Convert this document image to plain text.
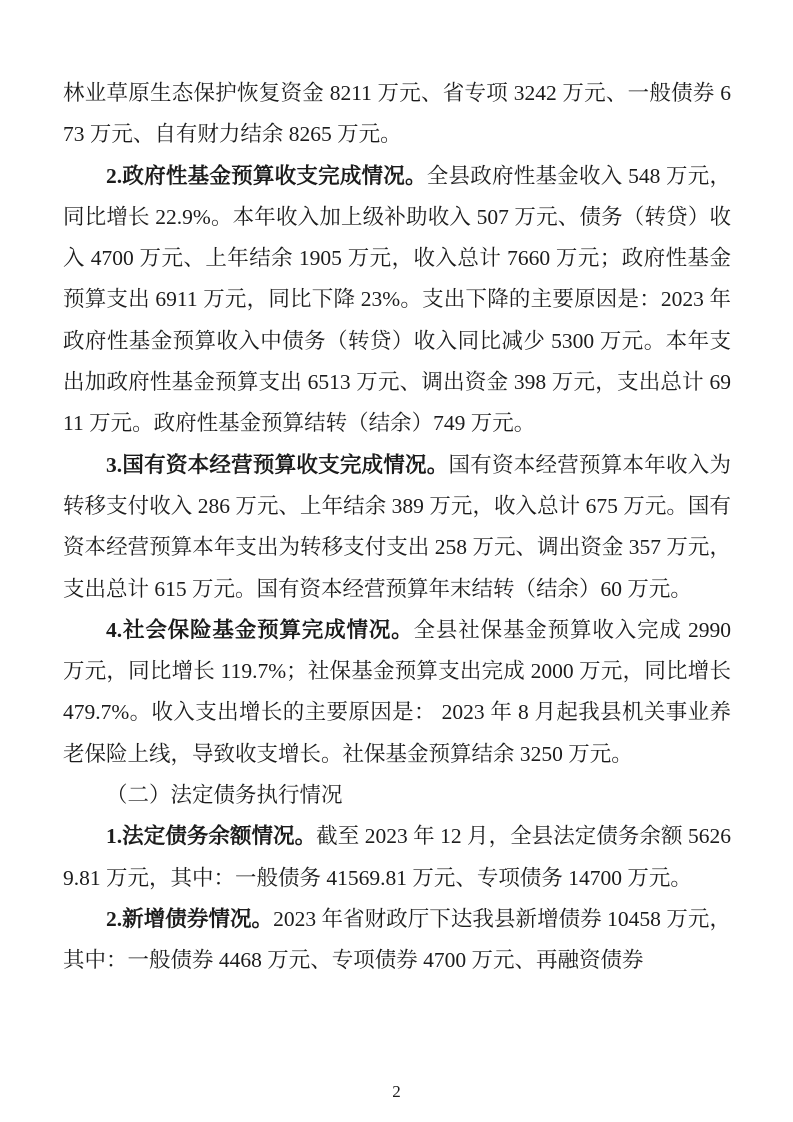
林业草原生态保护恢复资金 8211 万元、省专项 3242 万元、一般债券 673 万元、自有财力结余 8265 万元。

2.政府性基金预算收支完成情况。全县政府性基金收入 548 万元，同比增长 22.9%。本年收入加上级补助收入 507 万元、债务（转贷）收入 4700 万元、上年结余 1905 万元，收入总计 7660 万元；政府性基金预算支出 6911 万元，同比下降 23%。支出下降的主要原因是：2023 年政府性基金预算收入中债务（转贷）收入同比减少 5300 万元。本年支出加政府性基金预算支出 6513 万元、调出资金 398 万元，支出总计 6911 万元。政府性基金预算结转（结余）749 万元。

3.国有资本经营预算收支完成情况。国有资本经营预算本年收入为转移支付收入 286 万元、上年结余 389 万元，收入总计 675 万元。国有资本经营预算本年支出为转移支付支出 258 万元、调出资金 357 万元，支出总计 615 万元。国有资本经营预算年末结转（结余）60 万元。

4.社会保险基金预算完成情况。全县社保基金预算收入完成 2990 万元，同比增长 119.7%；社保基金预算支出完成 2000 万元，同比增长 479.7%。收入支出增长的主要原因是： 2023 年 8 月起我县机关事业养老保险上线，导致收支增长。社保基金预算结余 3250 万元。

（二）法定债务执行情况

1.法定债务余额情况。截至 2023 年 12 月，全县法定债务余额 56269.81 万元，其中：一般债务 41569.81 万元、专项债务 14700 万元。

2.新增债券情况。2023 年省财政厅下达我县新增债券 10458 万元，其中：一般债券 4468 万元、专项债券 4700 万元、再融资债券

2
